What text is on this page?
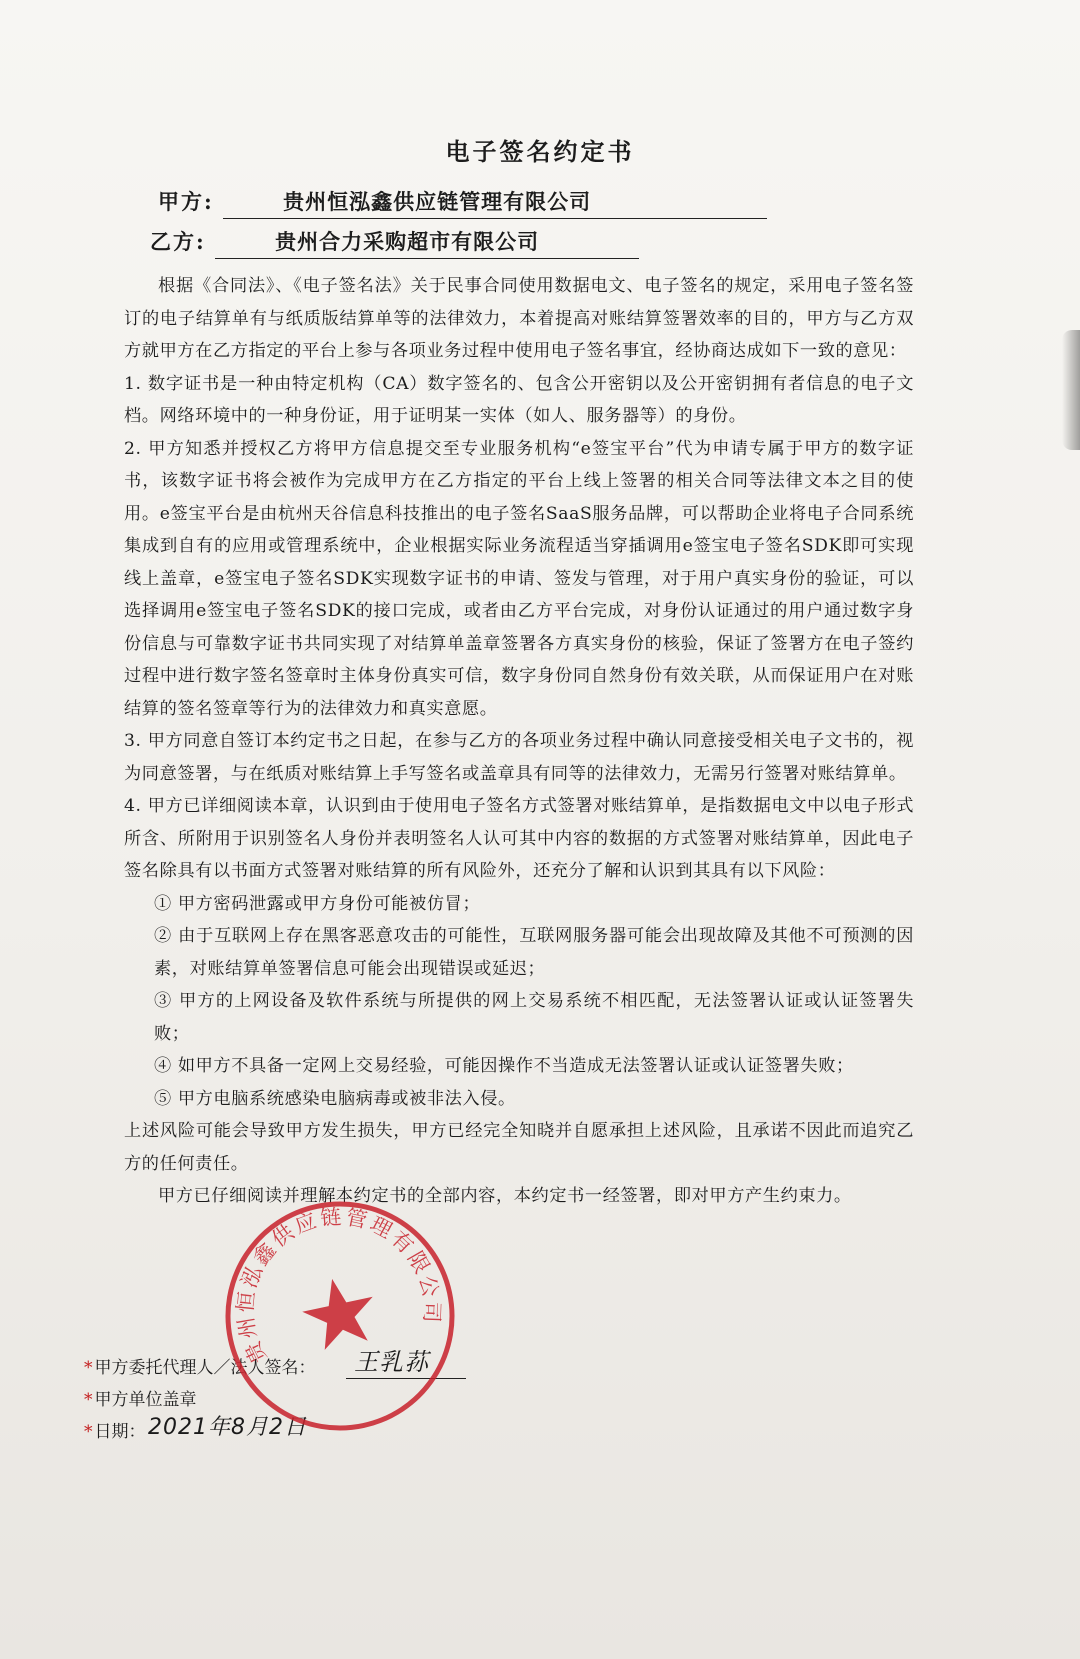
电子签名约定书
甲方:	贵州恒泓鑫供应链管理有限公司
乙方:	贵州合力采购超市有限公司

根据《合同法》、《电子签名法》关于民事合同使用数据电文、电子签名的规定，采用电子签名签订的电子结算单有与纸质版结算单等的法律效力，本着提高对账结算签署效率的目的，甲方与乙方双方就甲方在乙方指定的平台上参与各项业务过程中使用电子签名事宜，经协商达成如下一致的意见：

1. 数字证书是一种由特定机构（CA）数字签名的、包含公开密钥以及公开密钥拥有者信息的电子文档。网络环境中的一种身份证，用于证明某一实体（如人、服务器等）的身份。

2. 甲方知悉并授权乙方将甲方信息提交至专业服务机构“e签宝平台”代为申请专属于甲方的数字证书，该数字证书将会被作为完成甲方在乙方指定的平台上线上签署的相关合同等法律文本之目的使用。e签宝平台是由杭州天谷信息科技推出的电子签名SaaS服务品牌，可以帮助企业将电子合同系统集成到自有的应用或管理系统中，企业根据实际业务流程适当穿插调用e签宝电子签名SDK即可实现线上盖章，e签宝电子签名SDK实现数字证书的申请、签发与管理，对于用户真实身份的验证，可以选择调用e签宝电子签名SDK的接口完成，或者由乙方平台完成，对身份认证通过的用户通过数字身份信息与可靠数字证书共同实现了对结算单盖章签署各方真实身份的核验，保证了签署方在电子签约过程中进行数字签名签章时主体身份真实可信，数字身份同自然身份有效关联，从而保证用户在对账结算的签名签章等行为的法律效力和真实意愿。

3. 甲方同意自签订本约定书之日起，在参与乙方的各项业务过程中确认同意接受相关电子文书的，视为同意签署，与在纸质对账结算上手写签名或盖章具有同等的法律效力，无需另行签署对账结算单。

4. 甲方已详细阅读本章，认识到由于使用电子签名方式签署对账结算单，是指数据电文中以电子形式所含、所附用于识别签名人身份并表明签名人认可其中内容的数据的方式签署对账结算单，因此电子签名除具有以书面方式签署对账结算的所有风险外，还充分了解和认识到其具有以下风险：

① 甲方密码泄露或甲方身份可能被仿冒；

② 由于互联网上存在黑客恶意攻击的可能性，互联网服务器可能会出现故障及其他不可预测的因素，对账结算单签署信息可能会出现错误或延迟；

③ 甲方的上网设备及软件系统与所提供的网上交易系统不相匹配，无法签署认证或认证签署失败；

④ 如甲方不具备一定网上交易经验，可能因操作不当造成无法签署认证或认证签署失败；

⑤ 甲方电脑系统感染电脑病毒或被非法入侵。

上述风险可能会导致甲方发生损失，甲方已经完全知晓并自愿承担上述风险，且承诺不因此而追究乙方的任何责任。

甲方已仔细阅读并理解本约定书的全部内容，本约定书一经签署，即对甲方产生约束力。

* 甲方委托代理人／法人签名： 王乳荪
* 甲方单位盖章
* 日期： 2021年8月2日
贵州恒泓鑫供应链管理有限公司
